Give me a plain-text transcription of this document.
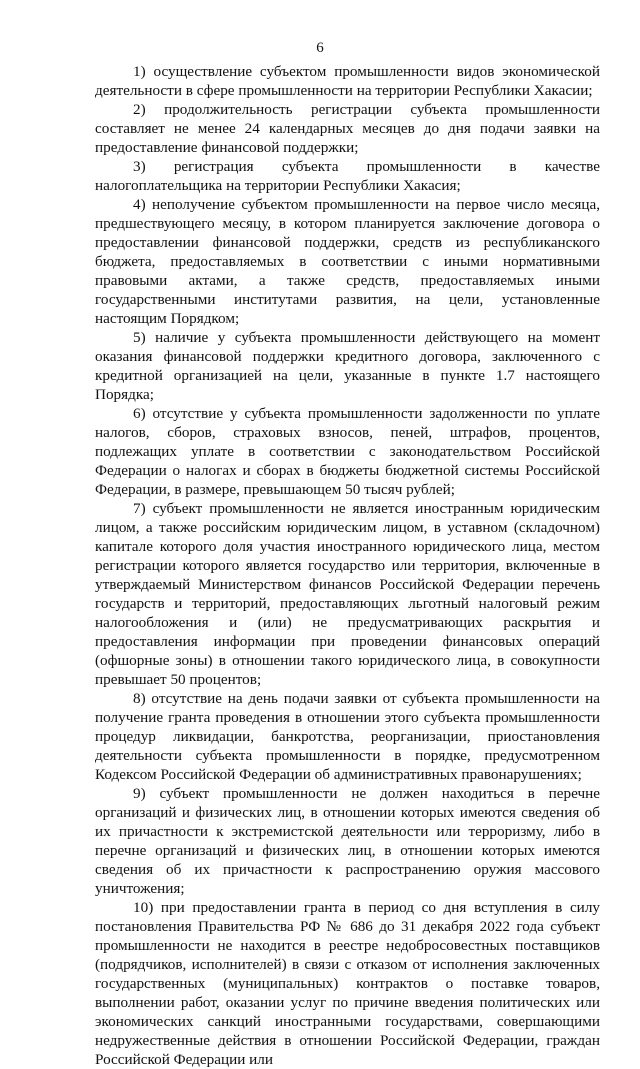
6

1) осуществление субъектом промышленности видов экономической деятельности в сфере промышленности на территории Республики Хакасии;

2) продолжительность регистрации субъекта промышленности составляет не менее 24 календарных месяцев до дня подачи заявки на предоставление финансовой поддержки;

3) регистрация субъекта промышленности в качестве налогоплательщика на территории Республики Хакасия;

4) неполучение субъектом промышленности на первое число месяца, предшествующего месяцу, в котором планируется заключение договора о предоставлении финансовой поддержки, средств из республиканского бюджета, предоставляемых в соответствии с иными нормативными правовыми актами, а также средств, предоставляемых иными государственными институтами развития, на цели, установленные настоящим Порядком;

5) наличие у субъекта промышленности действующего на момент оказания финансовой поддержки кредитного договора, заключенного с кредитной организацией на цели, указанные в пункте 1.7 настоящего Порядка;

6) отсутствие у субъекта промышленности задолженности по уплате налогов, сборов, страховых взносов, пеней, штрафов, процентов, подлежащих уплате в соответствии с законодательством Российской Федерации о налогах и сборах в бюджеты бюджетной системы Российской Федерации, в размере, превышающем 50 тысяч рублей;

7) субъект промышленности не является иностранным юридическим лицом, а также российским юридическим лицом, в уставном (складочном) капитале которого доля участия иностранного юридического лица, местом регистрации которого является государство или территория, включенные в утверждаемый Министерством финансов Российской Федерации перечень государств и территорий, предоставляющих льготный налоговый режим налогообложения и (или) не предусматривающих раскрытия и предоставления информации при проведении финансовых операций (офшорные зоны) в отношении такого юридического лица, в совокупности превышает 50 процентов;

8) отсутствие на день подачи заявки от субъекта промышленности на получение гранта проведения в отношении этого субъекта промышленности процедур ликвидации, банкротства, реорганизации, приостановления деятельности субъекта промышленности в порядке, предусмотренном Кодексом Российской Федерации об административных правонарушениях;

9) субъект промышленности не должен находиться в перечне организаций и физических лиц, в отношении которых имеются сведения об их причастности к экстремистской деятельности или терроризму, либо в перечне организаций и физических лиц, в отношении которых имеются сведения об их причастности к распространению оружия массового уничтожения;

10) при предоставлении гранта в период со дня вступления в силу постановления Правительства РФ № 686 до 31 декабря 2022 года субъект промышленности не находится в реестре недобросовестных поставщиков (подрядчиков, исполнителей) в связи с отказом от исполнения заключенных государственных (муниципальных) контрактов о поставке товаров, выполнении работ, оказании услуг по причине введения политических или экономических санкций иностранными государствами, совершающими недружественные действия в отношении Российской Федерации, граждан Российской Федерации или
